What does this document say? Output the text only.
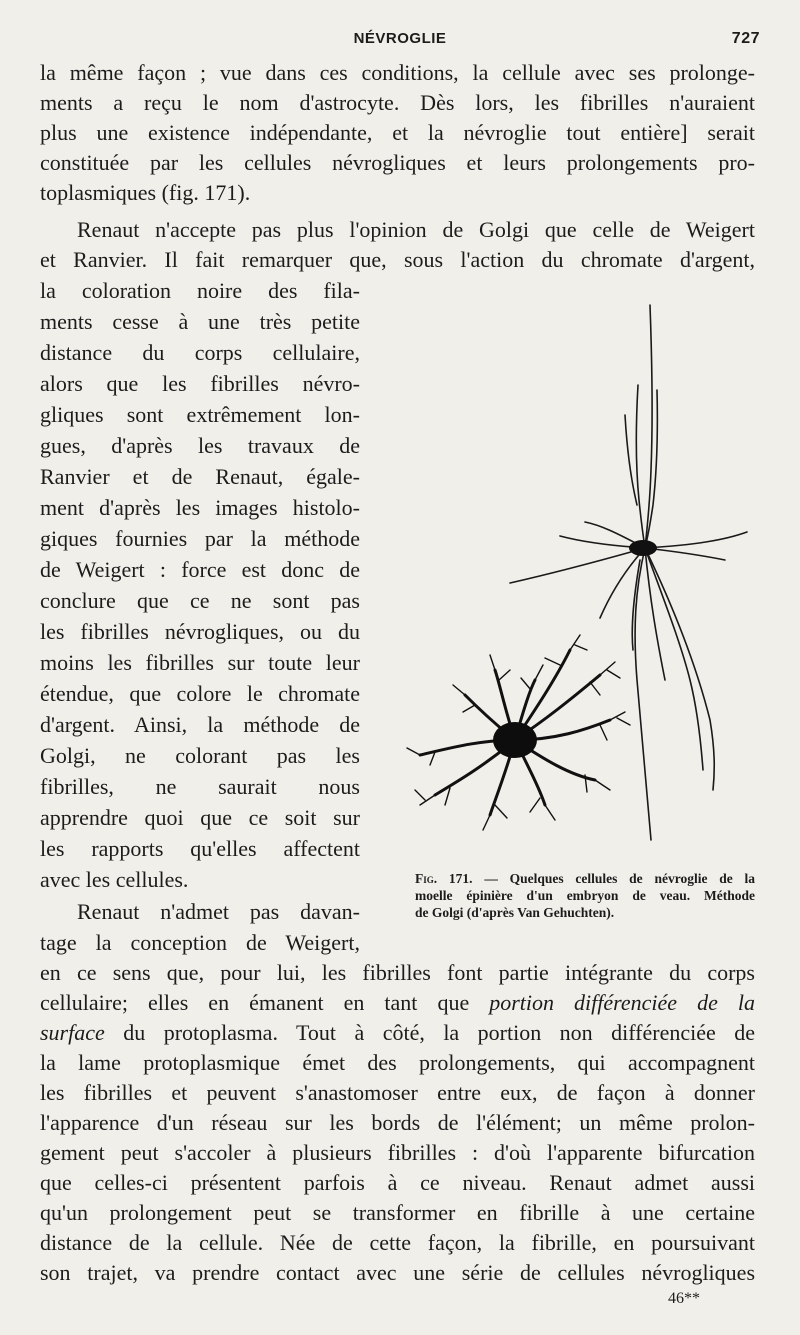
NÉVROGLIE	727
la même façon ; vue dans ces conditions, la cellule avec ses prolonge-
ments a reçu le nom d'astrocyte. Dès lors, les fibrilles n'auraient
plus une existence indépendante, et la névroglie tout entière] serait
constituée par les cellules névrogliques et leurs prolongements pro-
toplasmiques (fig. 171).
Renaut n'accepte pas plus l'opinion de Golgi que celle de Weigert
et Ranvier. Il fait remarquer que, sous l'action du chromate d'argent,
la coloration noire des fila-
ments cesse à une très petite
distance du corps cellulaire,
alors que les fibrilles névro-
gliques sont extrêmement lon-
gues, d'après les travaux de
Ranvier et de Renaut, égale-
ment d'après les images histolo-
giques fournies par la méthode
de Weigert : force est donc de
conclure que ce ne sont pas
les fibrilles névrogliques, ou du
moins les fibrilles sur toute leur
étendue, que colore le chromate
d'argent. Ainsi, la méthode de
Golgi, ne colorant pas les
fibrilles, ne saurait nous
apprendre quoi que ce soit sur
les rapports qu'elles affectent
avec les cellules.
Renaut n'admet pas davan-
tage la conception de Weigert,
en ce sens que, pour lui, les fibrilles font partie intégrante du corps
cellulaire; elles en émanent en tant que portion différenciée de la
surface du protoplasma. Tout à côté, la portion non différenciée de
la lame protoplasmique émet des prolongements, qui accompagnent
les fibrilles et peuvent s'anastomoser entre eux, de façon à donner
l'apparence d'un réseau sur les bords de l'élément; un même prolon-
gement peut s'accoler à plusieurs fibrilles : d'où l'apparente bifurcation
que celles-ci présentent parfois à ce niveau. Renaut admet aussi
qu'un prolongement peut se transformer en fibrille à une certaine
distance de la cellule. Née de cette façon, la fibrille, en poursuivant
son trajet, va prendre contact avec une série de cellules névrogliques
Fig. 171. — Quelques cellules de névroglie de la
moelle épinière d'un embryon de veau. Méthode
de Golgi (d'après Van Gehuchten).
46**
